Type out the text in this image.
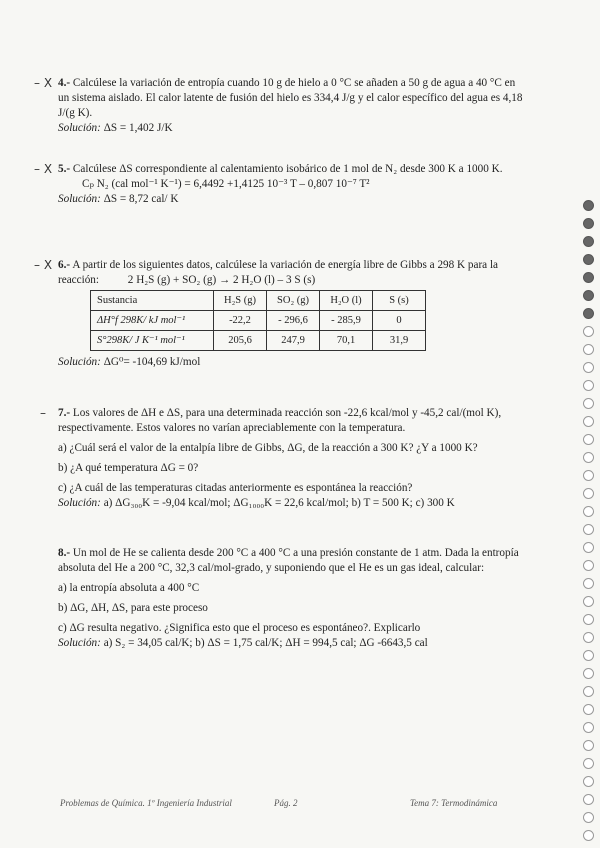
– X
– X
– X
–

4.- Calcúlese la variación de entropía cuando 10 g de hielo a 0 °C se añaden a 50 g de agua a 40 °C en un sistema aislado. El calor latente de fusión del hielo es 334,4 J/g y el calor específico del agua es 4,18 J/(g K).

Solución: ΔS = 1,402 J/K

5.- Calcúlese ΔS correspondiente al calentamiento isobárico de 1 mol de N₂ desde 300 K a 1000 K.

Cₚ N₂ (cal mol⁻¹ K⁻¹) = 6,4492 +1,4125 10⁻³ T – 0,807 10⁻⁷ T²

Solución: ΔS = 8,72 cal/ K

6.- A partir de los siguientes datos, calcúlese la variación de energía libre de Gibbs a 298 K para la reacción:	2 H₂S (g) + SO₂ (g) → 2 H₂O (l) – 3 S (s)

Sustancia	H₂S (g)	SO₂ (g)	H₂O (l)	S (s)
ΔH°f 298K/ kJ mol⁻¹	-22,2	- 296,6	- 285,9	0
S°298K/ J K⁻¹ mol⁻¹	205,6	247,9	70,1	31,9

Solución: ΔG⁰= -104,69 kJ/mol

7.- Los valores de ΔH e ΔS, para una determinada reacción son -22,6 kcal/mol y -45,2 cal/(mol K), respectivamente. Estos valores no varían apreciablemente con la temperatura.

a) ¿Cuál será el valor de la entalpía libre de Gibbs, ΔG, de la reacción a 300 K? ¿Y a 1000 K?

b) ¿A qué temperatura ΔG = 0?

c) ¿A cuál de las temperaturas citadas anteriormente es espontánea la reacción?

Solución: a) ΔG₃₀₀K = -9,04 kcal/mol; ΔG₁₀₀₀K = 22,6 kcal/mol; b) T = 500 K; c) 300 K

8.- Un mol de He se calienta desde 200 °C a 400 °C a una presión constante de 1 atm. Dada la entropía absoluta del He a 200 °C, 32,3 cal/mol-grado, y suponiendo que el He es un gas ideal, calcular:

a) la entropía absoluta a 400 °C

b) ΔG, ΔH, ΔS, para este proceso

c) ΔG resulta negativo. ¿Significa esto que el proceso es espontáneo?. Explicarlo

Solución: a) S₂ = 34,05 cal/K; b) ΔS = 1,75 cal/K; ΔH = 994,5 cal; ΔG -6643,5 cal

Problemas de Química. 1º Ingeniería Industrial	Pág. 2	Tema 7: Termodinámica
